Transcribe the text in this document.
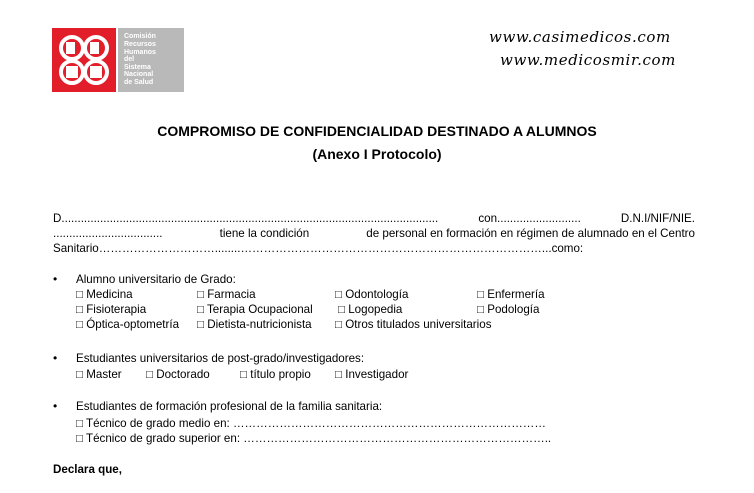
Comisión
Recursos
Humanos
del
Sistema
Nacional
de Salud
www.casimedicos.com
www.medicosmir.com
COMPROMISO DE CONFIDENCIALIDAD DESTINADO A ALUMNOS
(Anexo I Protocolo)
D.....................................................................................................................	con..........................	D.N.I/NIF/NIE.
..................................	tiene la condición	de personal en formación en régimen de alumnado en el Centro
Sanitario…………………………........……………………………………………………………………...como:
• Alumno universitario de Grado:
□ Medicina	□ Farmacia	□ Odontología	□ Enfermería
□ Fisioterapia	□ Terapia Ocupacional □ Logopedia	□ Podología
□ Óptica-optometría □ Dietista-nutricionista □ Otros titulados universitarios
• Estudiantes universitarios de post-grado/investigadores:
□ Master □ Doctorado	□ título propio □ Investigador
• Estudiantes de formación profesional de la familia sanitaria:
□ Técnico de grado medio en: ………………………………………………………………………
□ Técnico de grado superior en: ……………………………………………………………………..
Declara que,
